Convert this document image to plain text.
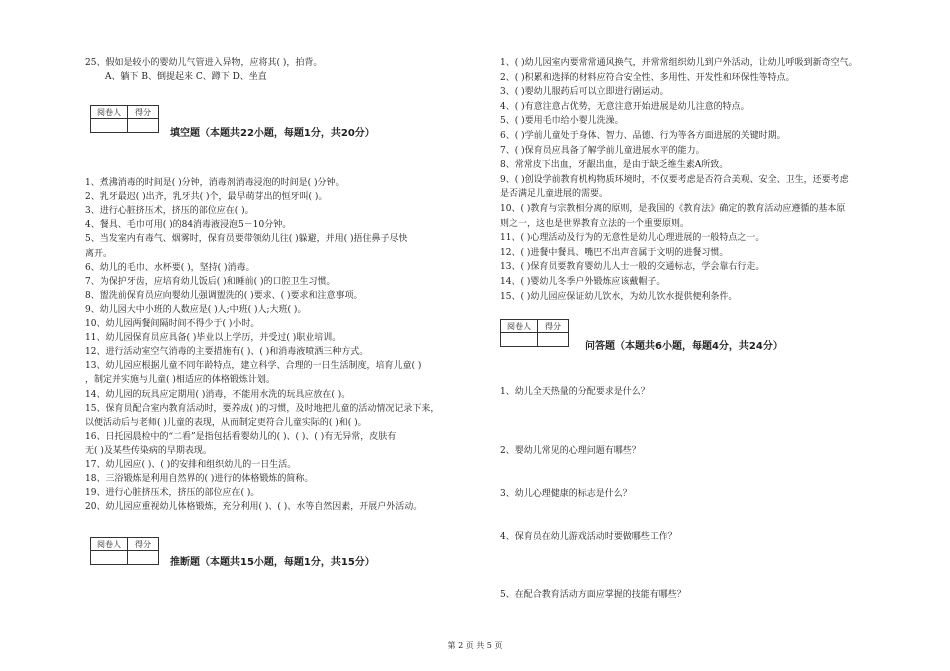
25、假如是较小的婴幼儿气管进入异物，应将其( )，拍背。
A、躺下 B、倒提起来 C、蹲下 D、坐直
阅卷人	得分

填空题（本题共22小题，每题1分，共20分）
1、煮沸消毒的时间是( )分钟，消毒剂消毒浸泡的时间是( )分钟。
2、乳牙最迟( )出齐，乳牙共( )个，最早萌芽出的恒牙叫( )。
3、进行心脏挤压术，挤压的部位应在( )。
4、餐具、毛巾可用( )的84消毒液浸泡5－10分钟。
5、当发室内有毒气、烟雾时，保育员要带领幼儿往( )躲避，并用( )捂住鼻子尽快
离开。
6、幼儿的毛巾、水杯要( )，坚持( )消毒。
7、为保护牙齿，应培育幼儿饭后( )和睡前( )的口腔卫生习惯。
8、盥洗前保育员应向婴幼儿强调盥洗的( )要求、( )要求和注意事项。
9、幼儿园大中小班的人数应是( )人;中班( )人;大班( )。
10、幼儿园两餐间隔时间不得少于( )小时。
11、幼儿园保育员应具备( )毕业以上学历，并受过( )职业培训。
12、进行活动室空气消毒的主要措施有( )、( )和消毒液喷洒三种方式。
13、幼儿园应根据儿童不同年龄特点，建立科学、合理的一日生活制度，培育儿童( )
，制定并实施与儿童( )相适应的体格锻炼计划。
14、幼儿园的玩具应定期用( )消毒，不能用水洗的玩具应放在( )。
15、保育员配合室内教育活动时，要养成( )的习惯，及时地把儿童的活动情况记录下来，
以便活动后与老师( )儿童的表现，从而制定更符合儿童实际的( )和( )。
16、日托园晨检中的“二看”是指包括看婴幼儿的( )、( )、( )有无异常，皮肤有
无( )及某些传染病的早期表现。
17、幼儿园应( )、( )的安排和组织幼儿的一日生活。
18、三浴锻炼是利用自然界的( )进行的体格锻炼的简称。
19、进行心脏挤压术，挤压的部位应在( )。
20、幼儿园应重视幼儿体格锻炼，充分利用( )、( )、水等自然因素，开展户外活动。
阅卷人	得分

推断题（本题共15小题，每题1分，共15分）
1、( )幼儿园室内要常常通风换气，并常常组织幼儿到户外活动，让幼儿呼吸到新奇空气。
2、( )积累和选择的材料应符合安全性、多用性、开发性和环保性等特点。
3、( )婴幼儿服药后可以立即进行剧运动。
4、( )有意注意占优势，无意注意开始进展是幼儿注意的特点。
5、( )要用毛巾给小婴儿洗澡。
6、( )学前儿童处于身体、智力、品德、行为等各方面进展的关键时期。
7、( )保育员应具备了解学前儿童进展水平的能力。
8、常常皮下出血，牙龈出血，是由于缺乏维生素A所致。
9、( )创设学前教育机构物质环境时，不仅要考虑是否符合美观、安全、卫生，还要考虑
是否满足儿童进展的需要。
10、( )教育与宗教相分离的原则，是我国的《教育法》确定的教育活动应遵循的基本原
则之一，这也是世界教育立法的一个重要原则。
11、( )心理活动及行为的无意性是幼儿心理进展的一般特点之一。
12、( )进餐中餐具、嘴巴不出声音属于文明的进餐习惯。
13、( )保育员要教育婴幼儿人士一般的交通标志，学会靠右行走。
14、( )婴幼儿冬季户外锻炼应该戴帽子。
15、( )幼儿园应保证幼儿饮水，为幼儿饮水提供便利条件。
阅卷人	得分

问答题（本题共6小题，每题4分，共24分）
1、幼儿全天热量的分配要求是什么？
2、婴幼儿常见的心理问题有哪些？
3、幼儿心理健康的标志是什么？
4、保育员在幼儿游戏活动时要做哪些工作？
5、在配合教育活动方面应掌握的技能有哪些？
第 2 页 共 5 页
